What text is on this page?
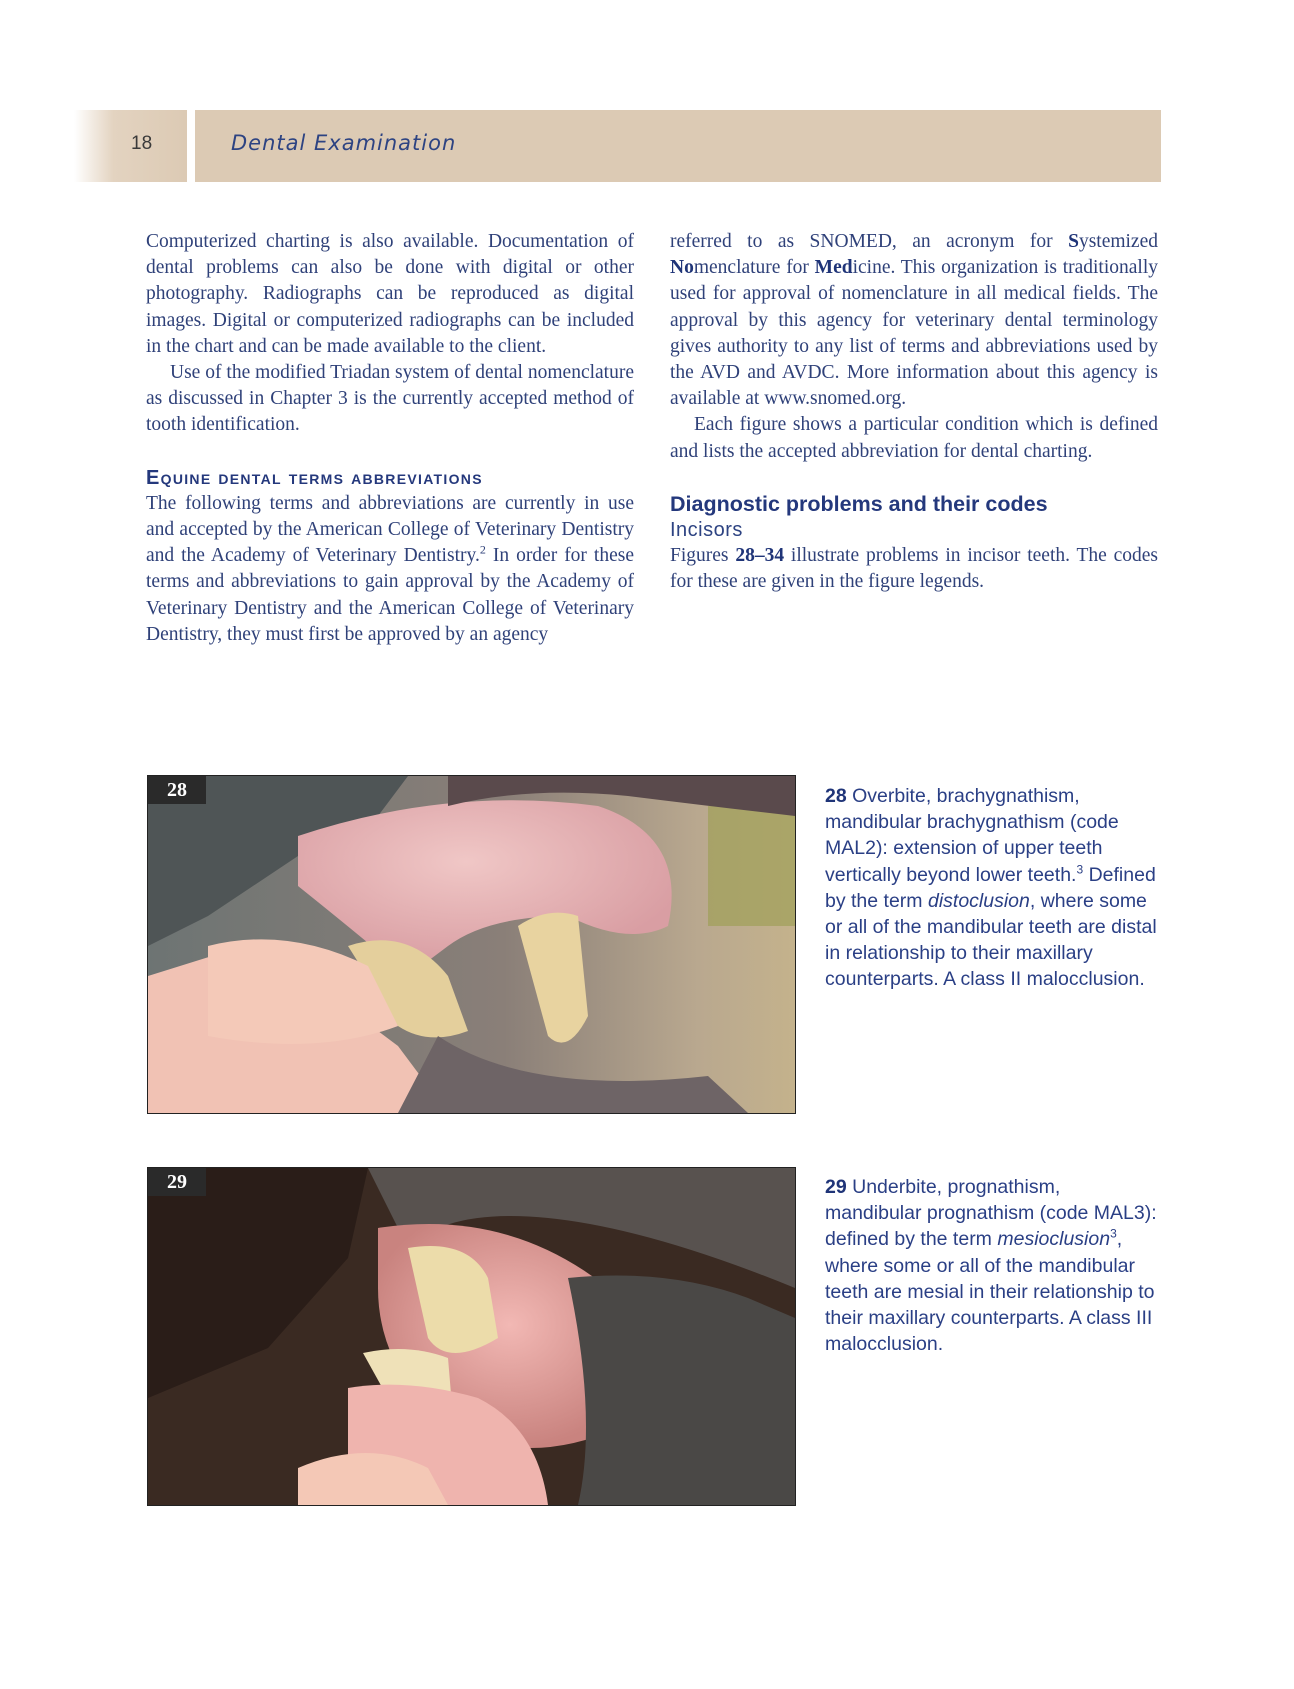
18	Dental Examination

Computerized charting is also available. Documentation of dental problems can also be done with digital or other photography. Radiographs can be reproduced as digital images. Digital or computerized radiographs can be included in the chart and can be made available to the client.

Use of the modified Triadan system of dental nomenclature as discussed in Chapter 3 is the currently accepted method of tooth identification.

Equine dental terms abbreviations

The following terms and abbreviations are currently in use and accepted by the American College of Veterinary Dentistry and the Academy of Veterinary Dentistry.$^2$ In order for these terms and abbreviations to gain approval by the Academy of Veterinary Dentistry and the American College of Veterinary Dentistry, they must first be approved by an agency

referred to as SNOMED, an acronym for Systemized Nomenclature for Medicine. This organization is traditionally used for approval of nomenclature in all medical fields. The approval by this agency for veterinary dental terminology gives authority to any list of terms and abbreviations used by the AVD and AVDC. More information about this agency is available at www.snomed.org.

Each figure shows a particular condition which is defined and lists the accepted abbreviation for dental charting.

Diagnostic problems and their codes
Incisors

Figures 28–34 illustrate problems in incisor teeth. The codes for these are given in the figure legends.

28	28 Overbite, brachygnathism, mandibular brachygnathism (code MAL2): extension of upper teeth vertically beyond lower teeth.$^3$ Defined by the term distoclusion, where some or all of the mandibular teeth are distal in relationship to their maxillary counterparts. A class II malocclusion.
29	29 Underbite, prognathism, mandibular prognathism (code MAL3): defined by the term mesioclusion$^3$, where some or all of the mandibular teeth are mesial in their relationship to their maxillary counterparts. A class III malocclusion.
